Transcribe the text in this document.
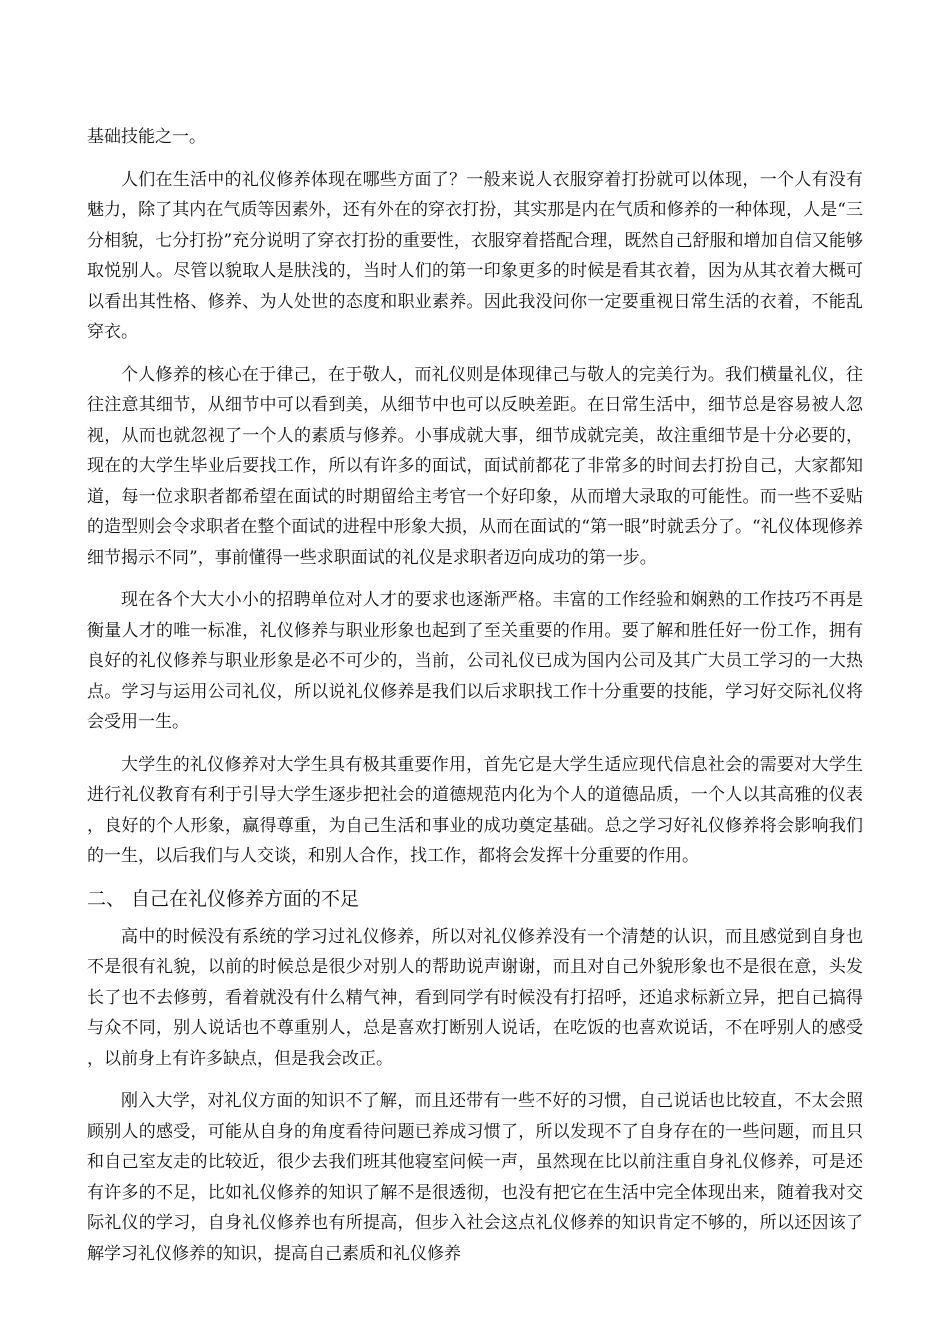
基础技能之一。

人们在生活中的礼仪修养体现在哪些方面了？一般来说人衣服穿着打扮就可以体现，一个人有没有魅力，除了其内在气质等因素外，还有外在的穿衣打扮，其实那是内在气质和修养的一种体现，人是“三分相貌，七分打扮”充分说明了穿衣打扮的重要性，衣服穿着搭配合理，既然自己舒服和增加自信又能够取悦别人。尽管以貌取人是肤浅的，当时人们的第一印象更多的时候是看其衣着，因为从其衣着大概可以看出其性格、修养、为人处世的态度和职业素养。因此我没问你一定要重视日常生活的衣着，不能乱穿衣。

个人修养的核心在于律己，在于敬人，而礼仪则是体现律己与敬人的完美行为。我们横量礼仪，往往注意其细节，从细节中可以看到美，从细节中也可以反映差距。在日常生活中，细节总是容易被人忽视，从而也就忽视了一个人的素质与修养。小事成就大事，细节成就完美，故注重细节是十分必要的，现在的大学生毕业后要找工作，所以有许多的面试，面试前都花了非常多的时间去打扮自己，大家都知道，每一位求职者都希望在面试的时期留给主考官一个好印象，从而增大录取的可能性。而一些不妥贴的造型则会令求职者在整个面试的进程中形象大损，从而在面试的“第一眼”时就丢分了。“礼仪体现修养细节揭示不同”，事前懂得一些求职面试的礼仪是求职者迈向成功的第一步。

现在各个大大小小的招聘单位对人才的要求也逐渐严格。丰富的工作经验和娴熟的工作技巧不再是衡量人才的唯一标准，礼仪修养与职业形象也起到了至关重要的作用。要了解和胜任好一份工作，拥有良好的礼仪修养与职业形象是必不可少的，当前，公司礼仪已成为国内公司及其广大员工学习的一大热点。学习与运用公司礼仪，所以说礼仪修养是我们以后求职找工作十分重要的技能，学习好交际礼仪将会受用一生。

大学生的礼仪修养对大学生具有极其重要作用，首先它是大学生适应现代信息社会的需要对大学生进行礼仪教育有利于引导大学生逐步把社会的道德规范内化为个人的道德品质，一个人以其高雅的仪表，良好的个人形象，赢得尊重，为自己生活和事业的成功奠定基础。总之学习好礼仪修养将会影响我们的一生，以后我们与人交谈，和别人合作，找工作，都将会发挥十分重要的作用。

二、 自己在礼仪修养方面的不足

高中的时候没有系统的学习过礼仪修养，所以对礼仪修养没有一个清楚的认识，而且感觉到自身也不是很有礼貌，以前的时候总是很少对别人的帮助说声谢谢，而且对自己外貌形象也不是很在意，头发长了也不去修剪，看着就没有什么精气神，看到同学有时候没有打招呼，还追求标新立异，把自己搞得与众不同，别人说话也不尊重别人，总是喜欢打断别人说话，在吃饭的也喜欢说话，不在呼别人的感受，以前身上有许多缺点，但是我会改正。

刚入大学，对礼仪方面的知识不了解，而且还带有一些不好的习惯，自己说话也比较直，不太会照顾别人的感受，可能从自身的角度看待问题已养成习惯了，所以发现不了自身存在的一些问题，而且只和自己室友走的比较近，很少去我们班其他寝室问候一声，虽然现在比以前注重自身礼仪修养，可是还有许多的不足，比如礼仪修养的知识了解不是很透彻，也没有把它在生活中完全体现出来，随着我对交际礼仪的学习，自身礼仪修养也有所提高，但步入社会这点礼仪修养的知识肯定不够的，所以还因该了解学习礼仪修养的知识，提高自己素质和礼仪修养
